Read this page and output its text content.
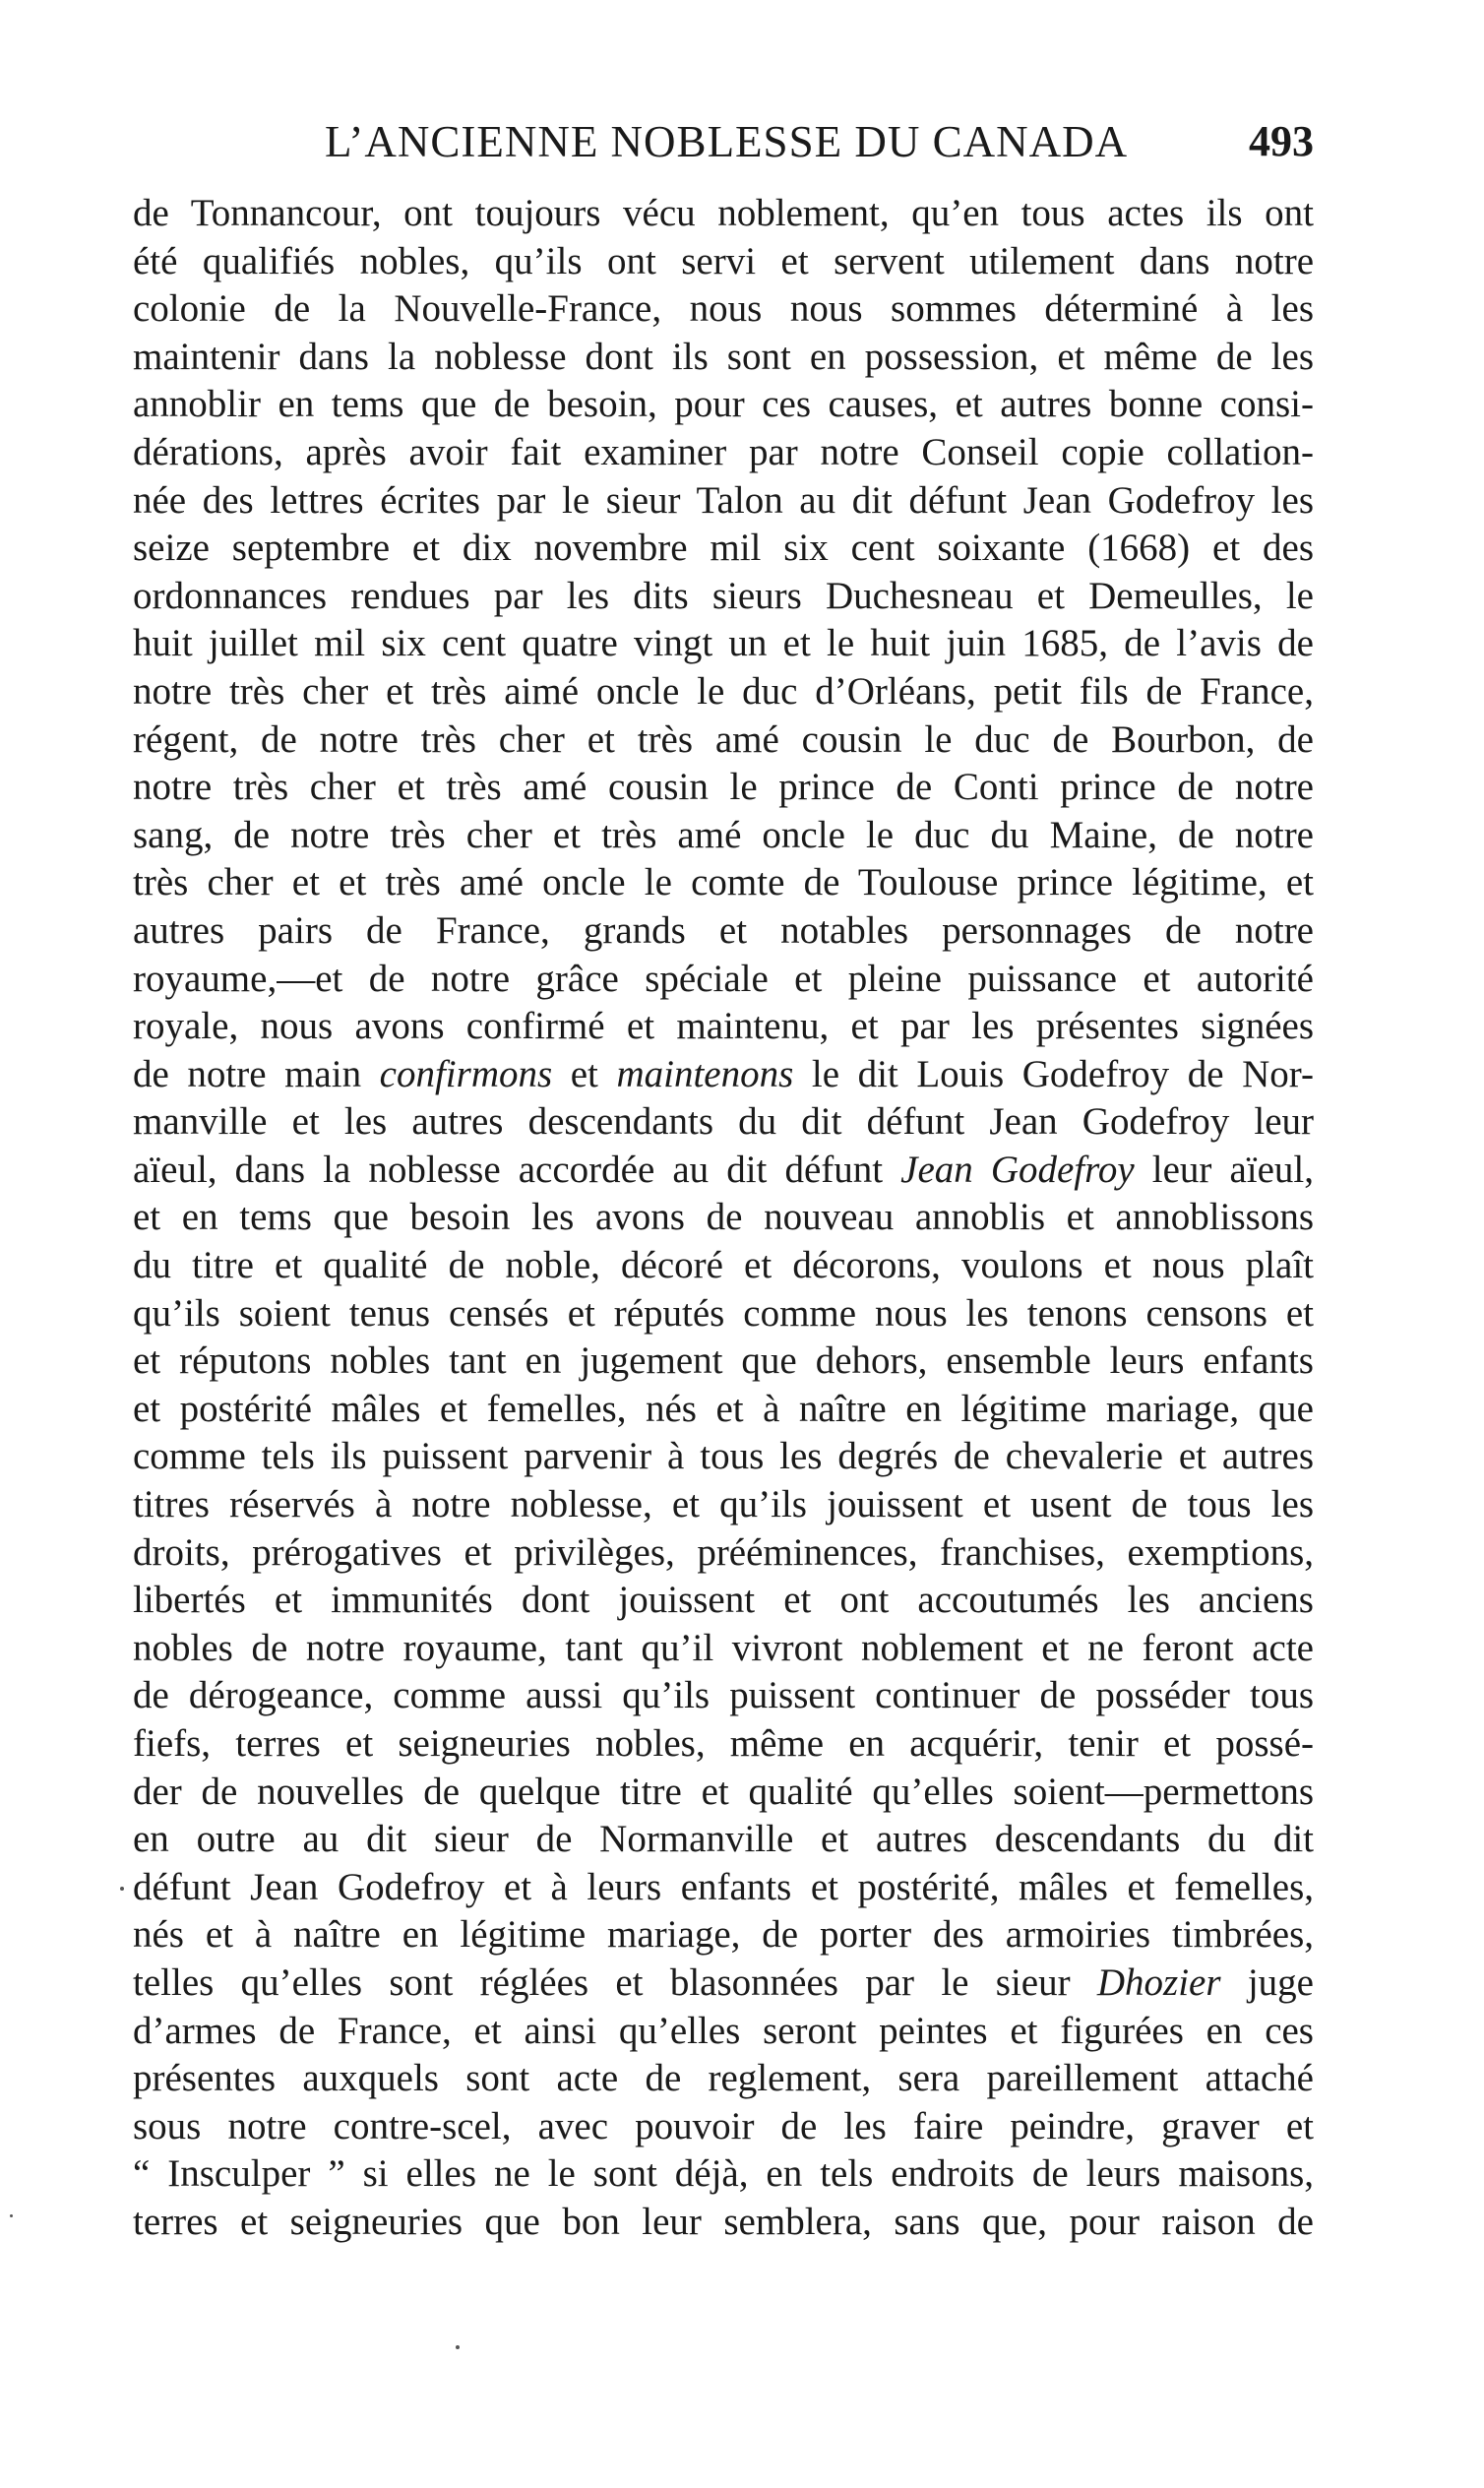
L’ANCIENNE NOBLESSE DU CANADA	493
de Tonnancour, ont toujours vécu noblement, qu’en tous actes ils ont
été qualifiés nobles, qu’ils ont servi et servent utilement dans notre
colonie de la Nouvelle-France, nous nous sommes déterminé à les
maintenir dans la noblesse dont ils sont en possession, et même de les
annoblir en tems que de besoin, pour ces causes, et autres bonne consi-
dérations, après avoir fait examiner par notre Conseil copie collation-
née des lettres écrites par le sieur Talon au dit défunt Jean Godefroy les
seize septembre et dix novembre mil six cent soixante (1668) et des
ordonnances rendues par les dits sieurs Duchesneau et Demeulles, le
huit juillet mil six cent quatre vingt un et le huit juin 1685, de l’avis de
notre très cher et très aimé oncle le duc d’Orléans, petit fils de France,
régent, de notre très cher et très amé cousin le duc de Bourbon, de
notre très cher et très amé cousin le prince de Conti prince de notre
sang, de notre très cher et très amé oncle le duc du Maine, de notre
très cher et et très amé oncle le comte de Toulouse prince légitime, et
autres pairs de France, grands et notables personnages de notre
royaume,—et de notre grâce spéciale et pleine puissance et autorité
royale, nous avons confirmé et maintenu, et par les présentes signées
de notre main confirmons et maintenons le dit Louis Godefroy de Nor-
manville et les autres descendants du dit défunt Jean Godefroy leur
aïeul, dans la noblesse accordée au dit défunt Jean Godefroy leur aïeul,
et en tems que besoin les avons de nouveau annoblis et annoblissons
du titre et qualité de noble, décoré et décorons, voulons et nous plaît
qu’ils soient tenus censés et réputés comme nous les tenons censons et
et réputons nobles tant en jugement que dehors, ensemble leurs enfants
et postérité mâles et femelles, nés et à naître en légitime mariage, que
comme tels ils puissent parvenir à tous les degrés de chevalerie et autres
titres réservés à notre noblesse, et qu’ils jouissent et usent de tous les
droits, prérogatives et privilèges, prééminences, franchises, exemptions,
libertés et immunités dont jouissent et ont accoutumés les anciens
nobles de notre royaume, tant qu’il vivront noblement et ne feront acte
de dérogeance, comme aussi qu’ils puissent continuer de posséder tous
fiefs, terres et seigneuries nobles, même en acquérir, tenir et possé-
der de nouvelles de quelque titre et qualité qu’elles soient—permettons
en outre au dit sieur de Normanville et autres descendants du dit
défunt Jean Godefroy et à leurs enfants et postérité, mâles et femelles,
nés et à naître en légitime mariage, de porter des armoiries timbrées,
telles qu’elles sont réglées et blasonnées par le sieur Dhozier juge
d’armes de France, et ainsi qu’elles seront peintes et figurées en ces
présentes auxquels sont acte de reglement, sera pareillement attaché
sous notre contre-scel, avec pouvoir de les faire peindre, graver et
“ Insculper ” si elles ne le sont déjà, en tels endroits de leurs maisons,
terres et seigneuries que bon leur semblera, sans que, pour raison de
